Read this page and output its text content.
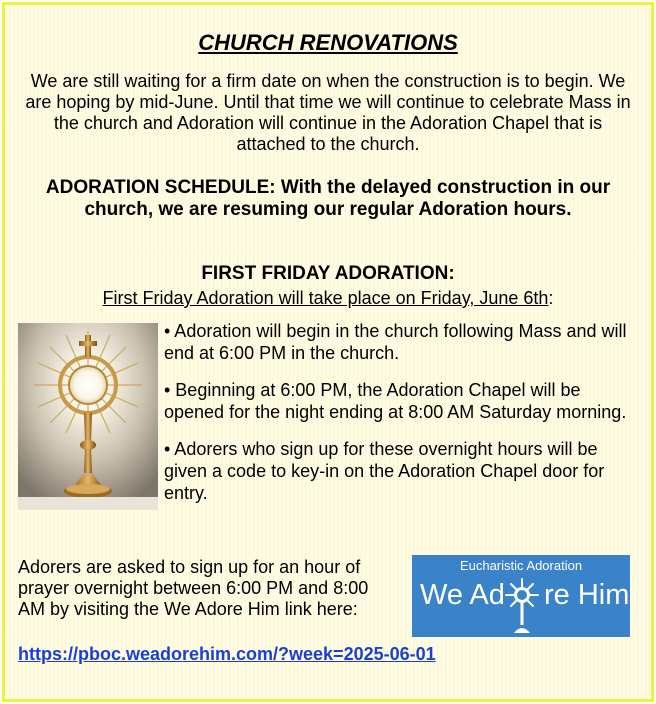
CHURCH RENOVATIONS
We are still waiting for a firm date on when the construction is to begin. We are hoping by mid-June. Until that time we will continue to celebrate Mass in the church and Adoration will continue in the Adoration Chapel that is attached to the church.
ADORATION SCHEDULE: With the delayed construction in our church, we are resuming our regular Adoration hours.
FIRST FRIDAY ADORATION:
First Friday Adoration will take place on Friday, June 6th:
• Adoration will begin in the church following Mass and will end at 6:00 PM in the church.
• Beginning at 6:00 PM, the Adoration Chapel will be opened for the night ending at 8:00 AM Saturday morning.
• Adorers who sign up for these overnight hours will be given a code to key-in on the Adoration Chapel door for entry.
Adorers are asked to sign up for an hour of prayer overnight between 6:00 PM and 8:00 AM by visiting the We Adore Him link here:
https://pboc.weadorehim.com/?week=2025-06-01
Eucharistic Adoration
We Ad re Him
